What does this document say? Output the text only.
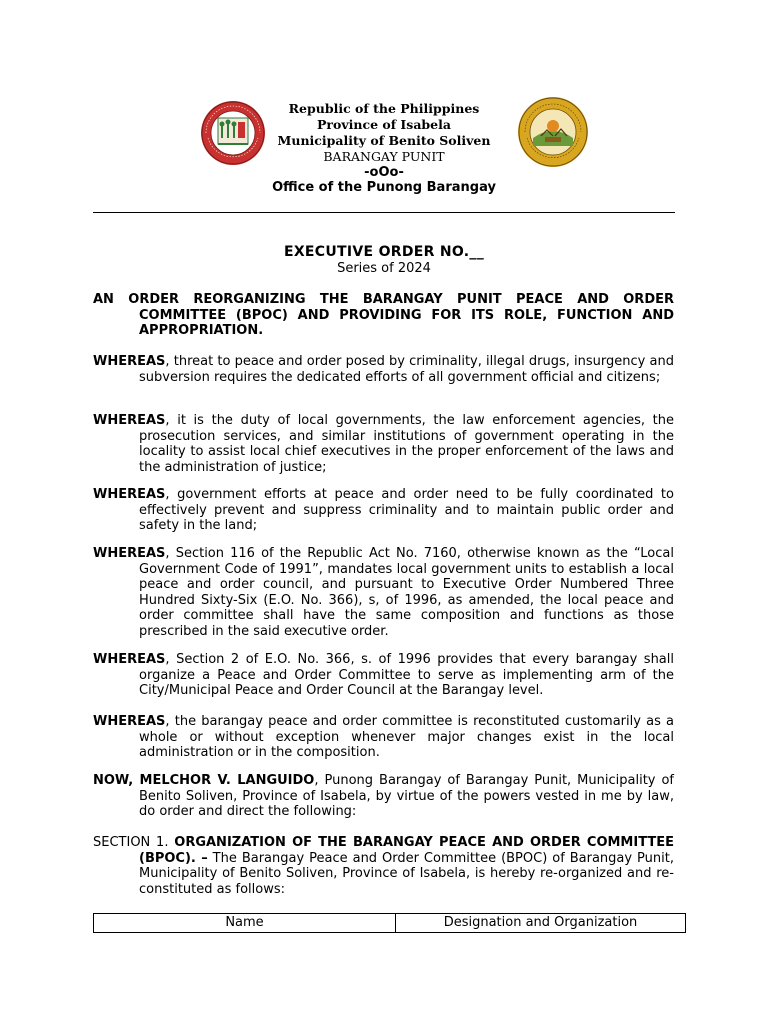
Republic of the Philippines
Province of Isabela
Municipality of Benito Soliven
BARANGAY PUNIT
-oOo-
Office of the Punong Barangay
EXECUTIVE ORDER NO.__
Series of 2024

AN ORDER REORGANIZING THE BARANGAY PUNIT PEACE AND ORDER COMMITTEE (BPOC) AND PROVIDING FOR ITS ROLE, FUNCTION AND APPROPRIATION.

WHEREAS, threat to peace and order posed by criminality, illegal drugs, insurgency and subversion requires the dedicated efforts of all government official and citizens;

WHEREAS, it is the duty of local governments, the law enforcement agencies, the prosecution services, and similar institutions of government operating in the locality to assist local chief executives in the proper enforcement of the laws and the administration of justice;

WHEREAS, government efforts at peace and order need to be fully coordinated to effectively prevent and suppress criminality and to maintain public order and safety in the land;

WHEREAS, Section 116 of the Republic Act No. 7160, otherwise known as the “Local Government Code of 1991”, mandates local government units to establish a local peace and order council, and pursuant to Executive Order Numbered Three Hundred Sixty-Six (E.O. No. 366), s, of 1996, as amended, the local peace and order committee shall have the same composition and functions as those prescribed in the said executive order.

WHEREAS, Section 2 of E.O. No. 366, s. of 1996 provides that every barangay shall organize a Peace and Order Committee to serve as implementing arm of the City/Municipal Peace and Order Council at the Barangay level.

WHEREAS, the barangay peace and order committee is reconstituted customarily as a whole or without exception whenever major changes exist in the local administration or in the composition.

NOW, MELCHOR V. LANGUIDO, Punong Barangay of Barangay Punit, Municipality of Benito Soliven, Province of Isabela, by virtue of the powers vested in me by law, do order and direct the following:

SECTION 1. ORGANIZATION OF THE BARANGAY PEACE AND ORDER COMMITTEE (BPOC). – The Barangay Peace and Order Committee (BPOC) of Barangay Punit, Municipality of Benito Soliven, Province of Isabela, is hereby re-organized and re-constituted as follows:

Name	Designation and Organization
